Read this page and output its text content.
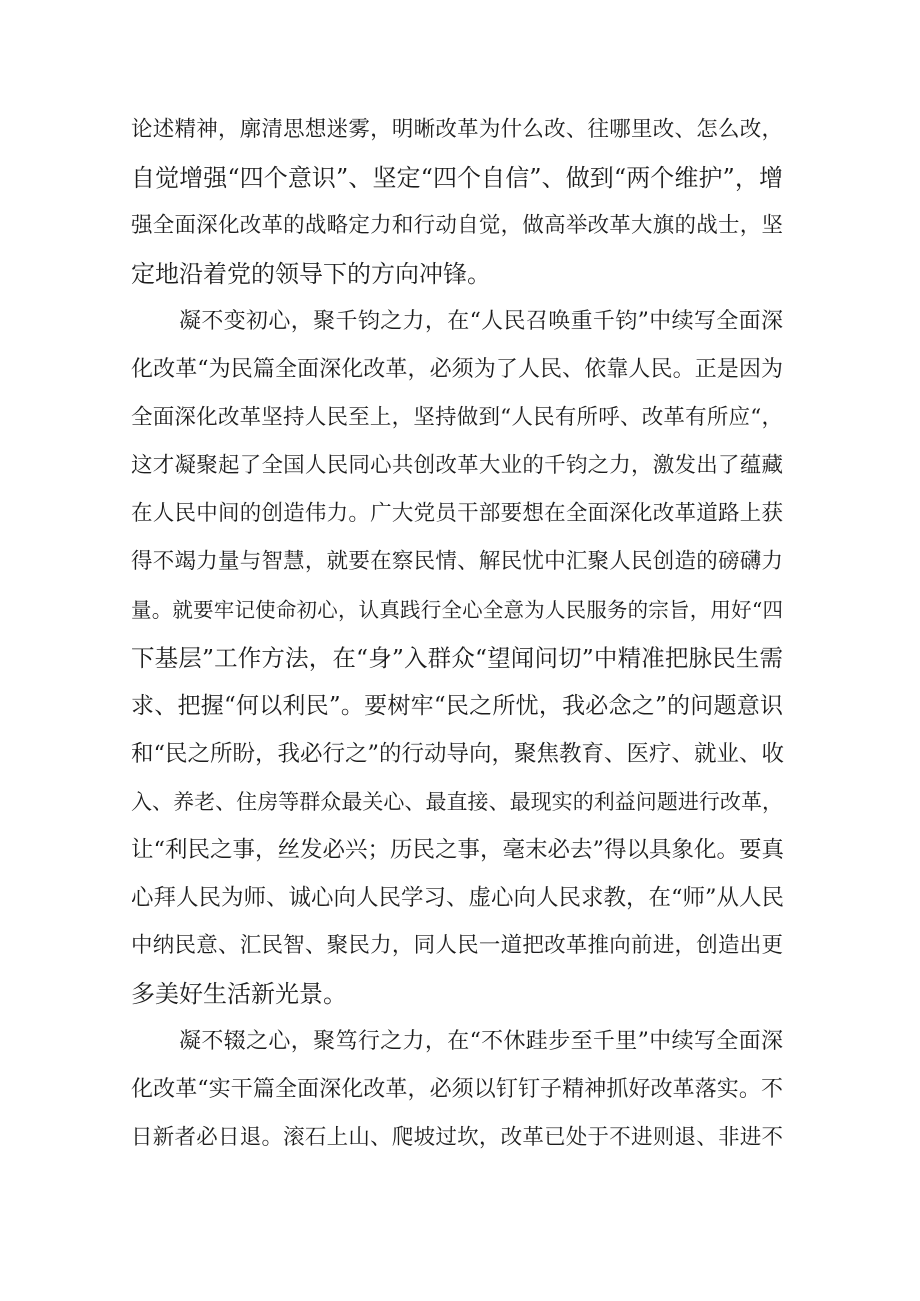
论述精神，廓清思想迷雾，明晰改革为什么改、往哪里改、怎么改，

自觉增强“四个意识”、坚定“四个自信”、做到“两个维护”，增

强全面深化改革的战略定力和行动自觉，做高举改革大旗的战士，坚

定地沿着党的领导下的方向冲锋。

凝不变初心，聚千钧之力，在“人民召唤重千钧”中续写全面深

化改革“为民篇全面深化改革，必须为了人民、依靠人民。正是因为

全面深化改革坚持人民至上，坚持做到“人民有所呼、改革有所应“，

这才凝聚起了全国人民同心共创改革大业的千钧之力，激发出了蕴藏

在人民中间的创造伟力。广大党员干部要想在全面深化改革道路上获

得不竭力量与智慧，就要在察民情、解民忧中汇聚人民创造的磅礴力

量。就要牢记使命初心，认真践行全心全意为人民服务的宗旨，用好“四

下基层”工作方法，在“身”入群众“望闻问切”中精准把脉民生需

求、把握“何以利民”。要树牢“民之所忧，我必念之”的问题意识

和“民之所盼，我必行之”的行动导向，聚焦教育、医疗、就业、收

入、养老、住房等群众最关心、最直接、最现实的利益问题进行改革，

让“利民之事，丝发必兴；历民之事，毫末必去”得以具象化。要真

心拜人民为师、诚心向人民学习、虚心向人民求教，在“师”从人民

中纳民意、汇民智、聚民力，同人民一道把改革推向前进，创造出更

多美好生活新光景。

凝不辍之心，聚笃行之力，在“不休跬步至千里”中续写全面深

化改革“实干篇全面深化改革，必须以钉钉子精神抓好改革落实。不

日新者必日退。滚石上山、爬坡过坎，改革已处于不进则退、非进不
